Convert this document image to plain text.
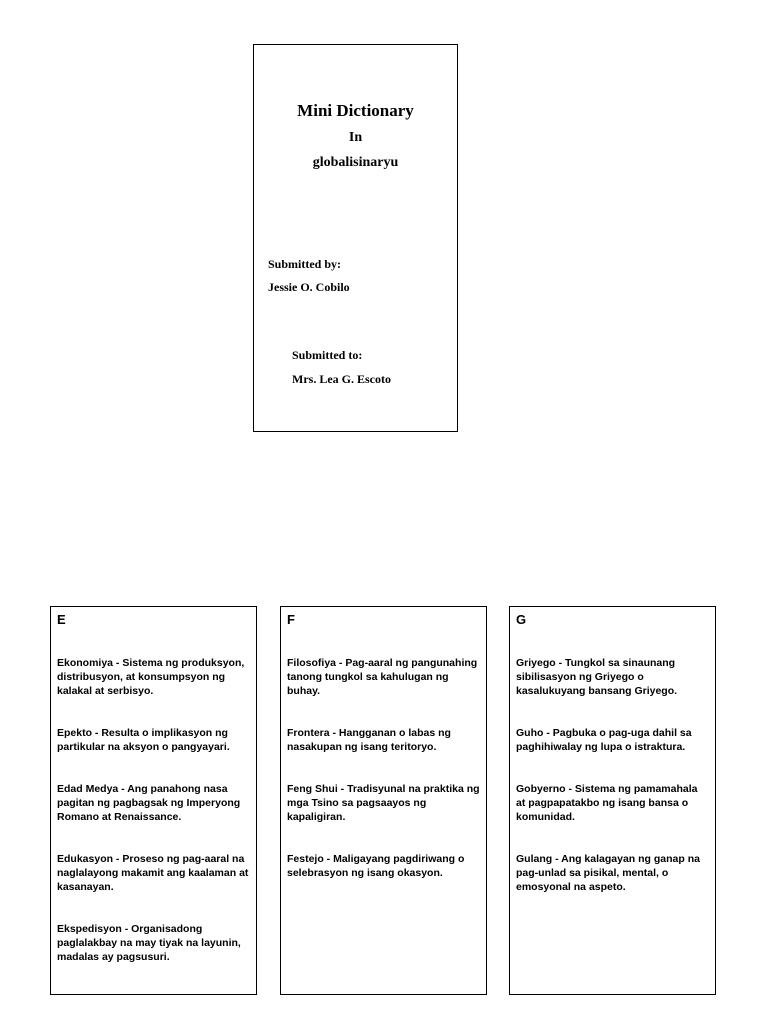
Mini Dictionary
In
globalisinaryu
Submitted by:
Jessie O. Cobilo
Submitted to:
Mrs. Lea G. Escoto
E

Ekonomiya - Sistema ng produksyon, distribusyon, at konsumpsyon ng kalakal at serbisyo.

Epekto - Resulta o implikasyon ng partikular na aksyon o pangyayari.

Edad Medya - Ang panahong nasa pagitan ng pagbagsak ng Imperyong Romano at Renaissance.

Edukasyon - Proseso ng pag-aaral na naglalayong makamit ang kaalaman at kasanayan.

Ekspedisyon - Organisadong paglalakbay na may tiyak na layunin, madalas ay pagsusuri.

F

Filosofiya - Pag-aaral ng pangunahing tanong tungkol sa kahulugan ng buhay.

Frontera - Hangganan o labas ng nasakupan ng isang teritoryo.

Feng Shui - Tradisyunal na praktika ng mga Tsino sa pagsaayos ng kapaligiran.

Festejo - Maligayang pagdiriwang o selebrasyon ng isang okasyon.

G

Griyego - Tungkol sa sinaunang sibilisasyon ng Griyego o kasalukuyang bansang Griyego.

Guho - Pagbuka o pag-uga dahil sa paghihiwalay ng lupa o istraktura.

Gobyerno - Sistema ng pamamahala at pagpapatakbo ng isang bansa o komunidad.

Gulang - Ang kalagayan ng ganap na pag-unlad sa pisikal, mental, o emosyonal na aspeto.
